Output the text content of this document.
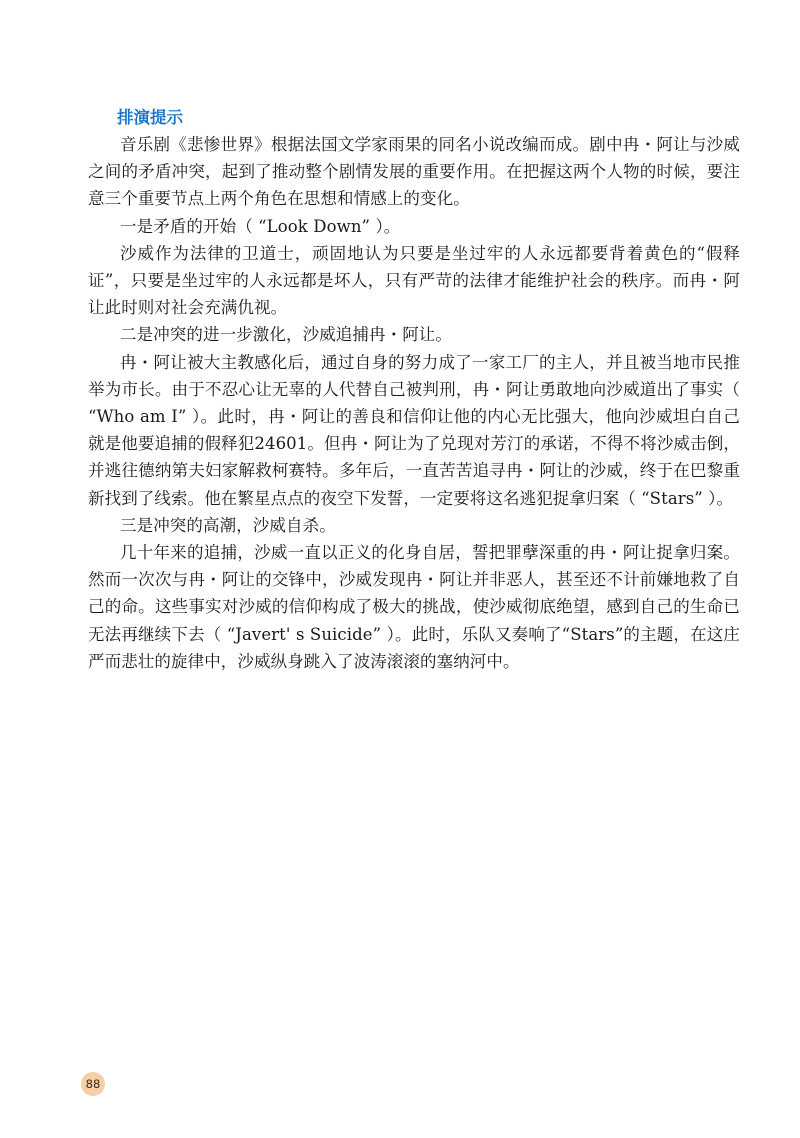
排演提示

音乐剧《悲惨世界》根据法国文学家雨果的同名小说改编而成。剧中冉・阿让与沙威之间的矛盾冲突，起到了推动整个剧情发展的重要作用。在把握这两个人物的时候，要注意三个重要节点上两个角色在思想和情感上的变化。

一是矛盾的开始（ “Look Down” ）。

沙威作为法律的卫道士，顽固地认为只要是坐过牢的人永远都要背着黄色的“假释证”，只要是坐过牢的人永远都是坏人，只有严苛的法律才能维护社会的秩序。而冉・阿让此时则对社会充满仇视。

二是冲突的进一步激化，沙威追捕冉・阿让。

冉・阿让被大主教感化后，通过自身的努力成了一家工厂的主人，并且被当地市民推举为市长。由于不忍心让无辜的人代替自己被判刑，冉・阿让勇敢地向沙威道出了事实（ “Who am I” ）。此时，冉・阿让的善良和信仰让他的内心无比强大，他向沙威坦白自己就是他要追捕的假释犯24601。但冉・阿让为了兑现对芳汀的承诺，不得不将沙威击倒，并逃往德纳第夫妇家解救柯赛特。多年后，一直苦苦追寻冉・阿让的沙威，终于在巴黎重新找到了线索。他在繁星点点的夜空下发誓，一定要将这名逃犯捉拿归案（ “Stars” ）。

三是冲突的高潮，沙威自杀。

几十年来的追捕，沙威一直以正义的化身自居，誓把罪孽深重的冉・阿让捉拿归案。然而一次次与冉・阿让的交锋中，沙威发现冉・阿让并非恶人，甚至还不计前嫌地救了自己的命。这些事实对沙威的信仰构成了极大的挑战，使沙威彻底绝望，感到自己的生命已无法再继续下去（ “Javert' s Suicide” ）。此时，乐队又奏响了“Stars”的主题，在这庄严而悲壮的旋律中，沙威纵身跳入了波涛滚滚的塞纳河中。

88
